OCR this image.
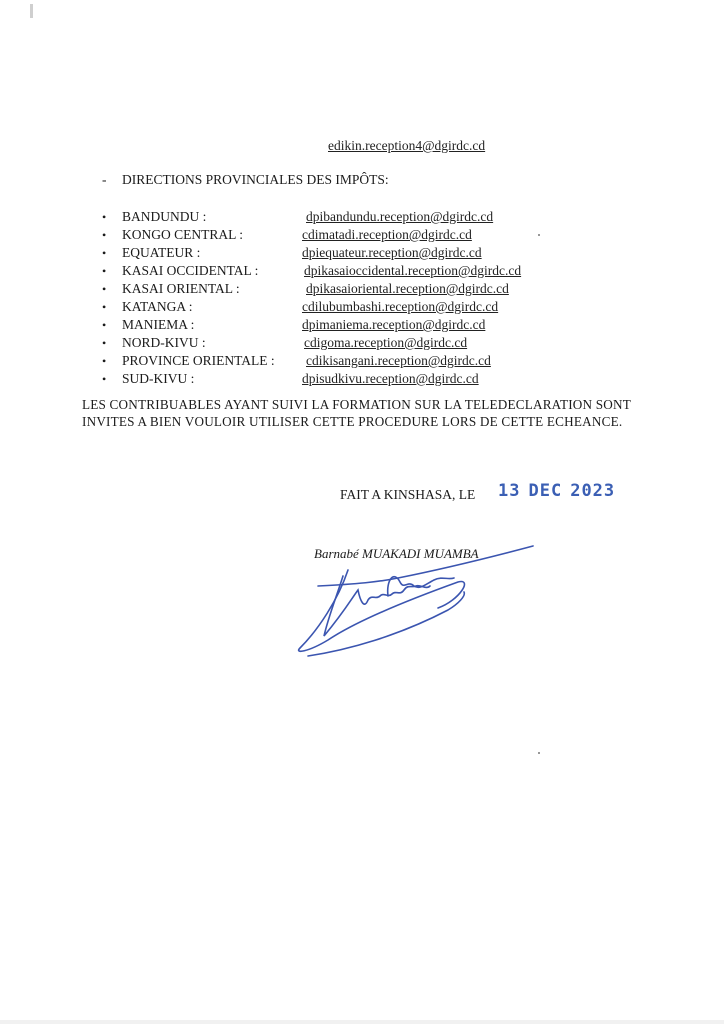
edikin.reception4@dgirdc.cd
- DIRECTIONS PROVINCIALES DES IMPÔTS:
• BANDUNDU :	dpibandundu.reception@dgirdc.cd
• KONGO CENTRAL :	cdimatadi.reception@dgirdc.cd
• EQUATEUR :	dpiequateur.reception@dgirdc.cd
• KASAI OCCIDENTAL :	dpikasaioccidental.reception@dgirdc.cd
• KASAI ORIENTAL :	dpikasaioriental.reception@dgirdc.cd
• KATANGA :	cdilubumbashi.reception@dgirdc.cd
• MANIEMA :	dpimaniema.reception@dgirdc.cd
• NORD-KIVU :	cdigoma.reception@dgirdc.cd
• PROVINCE ORIENTALE : cdikisangani.reception@dgirdc.cd
• SUD-KIVU :	dpisudkivu.reception@dgirdc.cd
LES CONTRIBUABLES AYANT SUIVI LA FORMATION SUR LA TELEDECLARATION SONT INVITES A BIEN VOULOIR UTILISER CETTE PROCEDURE LORS DE CETTE ECHEANCE.
FAIT A KINSHASA, LE 13 DEC 2023
Barnabé MUAKADI MUAMBA
